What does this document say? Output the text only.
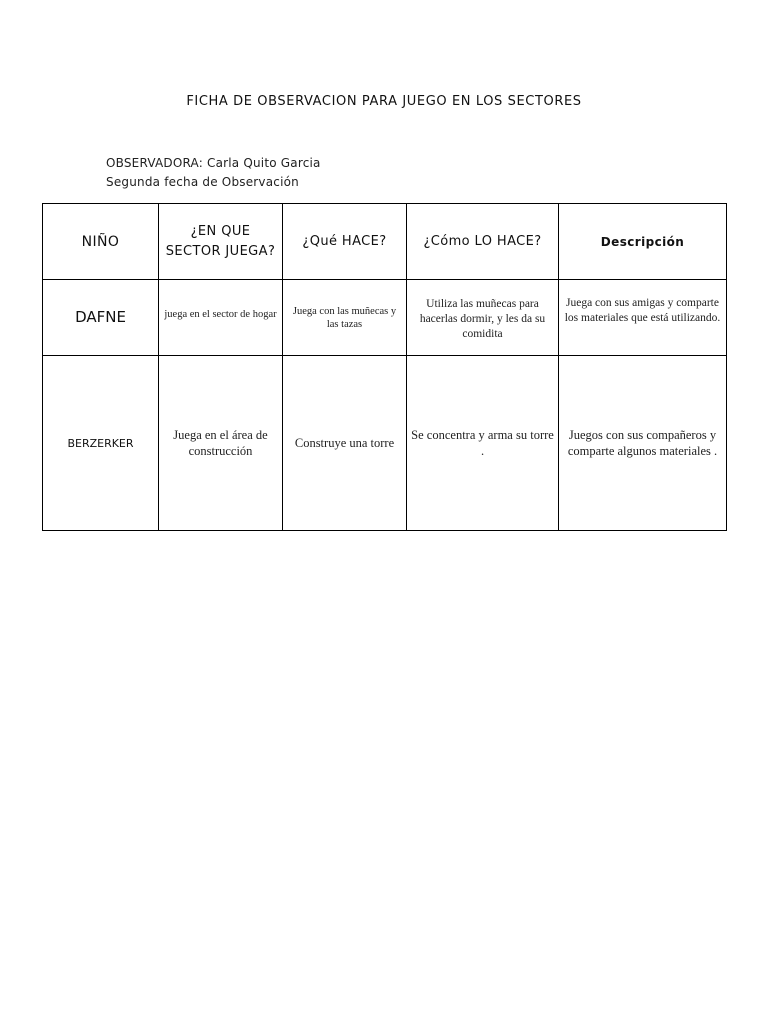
FICHA DE OBSERVACION PARA JUEGO EN LOS SECTORES
OBSERVADORA: Carla Quito Garcia
Segunda fecha de Observación
NIÑO	¿EN QUE SECTOR JUEGA?	¿Qué HACE?	¿Cómo LO HACE?	Descripción
DAFNE	juega en el sector de hogar	Juega con las muñecas y las tazas	Utiliza las muñecas para hacerlas dormir, y les da su comidita	Juega con sus amigas y comparte los materiales que está utilizando.
BERZERKER	Juega en el área de construcción	Construye una torre	Se concentra y arma su torre .	Juegos con sus compañeros y comparte algunos materiales .
